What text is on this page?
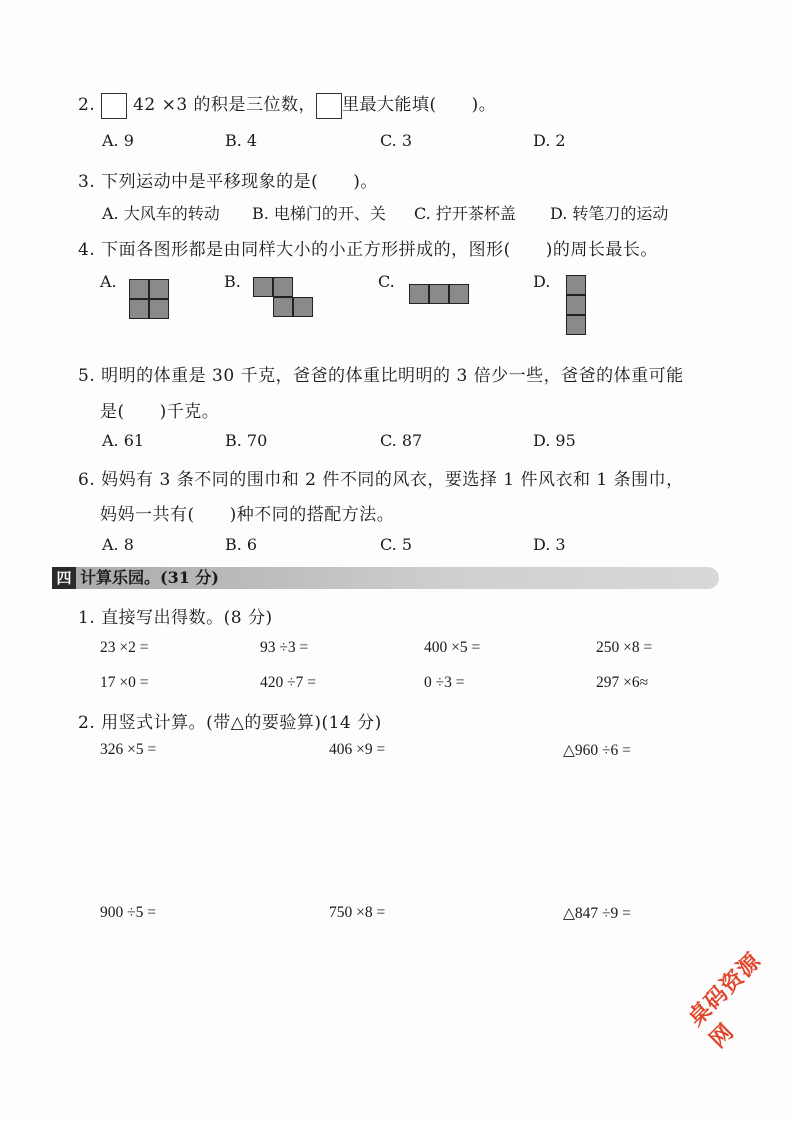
2. 42 ×3 的积是三位数， 里最大能填(　　)。
A. 9	B. 4	C. 3	D. 2
3. 下列运动中是平移现象的是(　　)。
A. 大风车的转动 B. 电梯门的开、关 C. 拧开茶杯盖 D. 转笔刀的运动
4. 下面各图形都是由同样大小的小正方形拼成的，图形(　　)的周长最长。
A.	B.	C.	D.
5. 明明的体重是 30 千克，爸爸的体重比明明的 3 倍少一些，爸爸的体重可能
是(　　)千克。
A. 61	B. 70	C. 87	D. 95
6. 妈妈有 3 条不同的围巾和 2 件不同的风衣，要选择 1 件风衣和 1 条围巾，
妈妈一共有(　　)种不同的搭配方法。
A. 8	B. 6	C. 5	D. 3
四 计算乐园。(31 分)
1. 直接写出得数。(8 分)
23 ×2 =	93 ÷3 =	400 ×5 =	250 ×8 =
17 ×0 =	420 ÷7 =	0 ÷3 =	297 ×6≈
2. 用竖式计算。(带△的要验算)(14 分)
326 ×5 =	406 ×9 =	△960 ÷6 =
900 ÷5 =	750 ×8 =	△847 ÷9 =
桌码资源网
